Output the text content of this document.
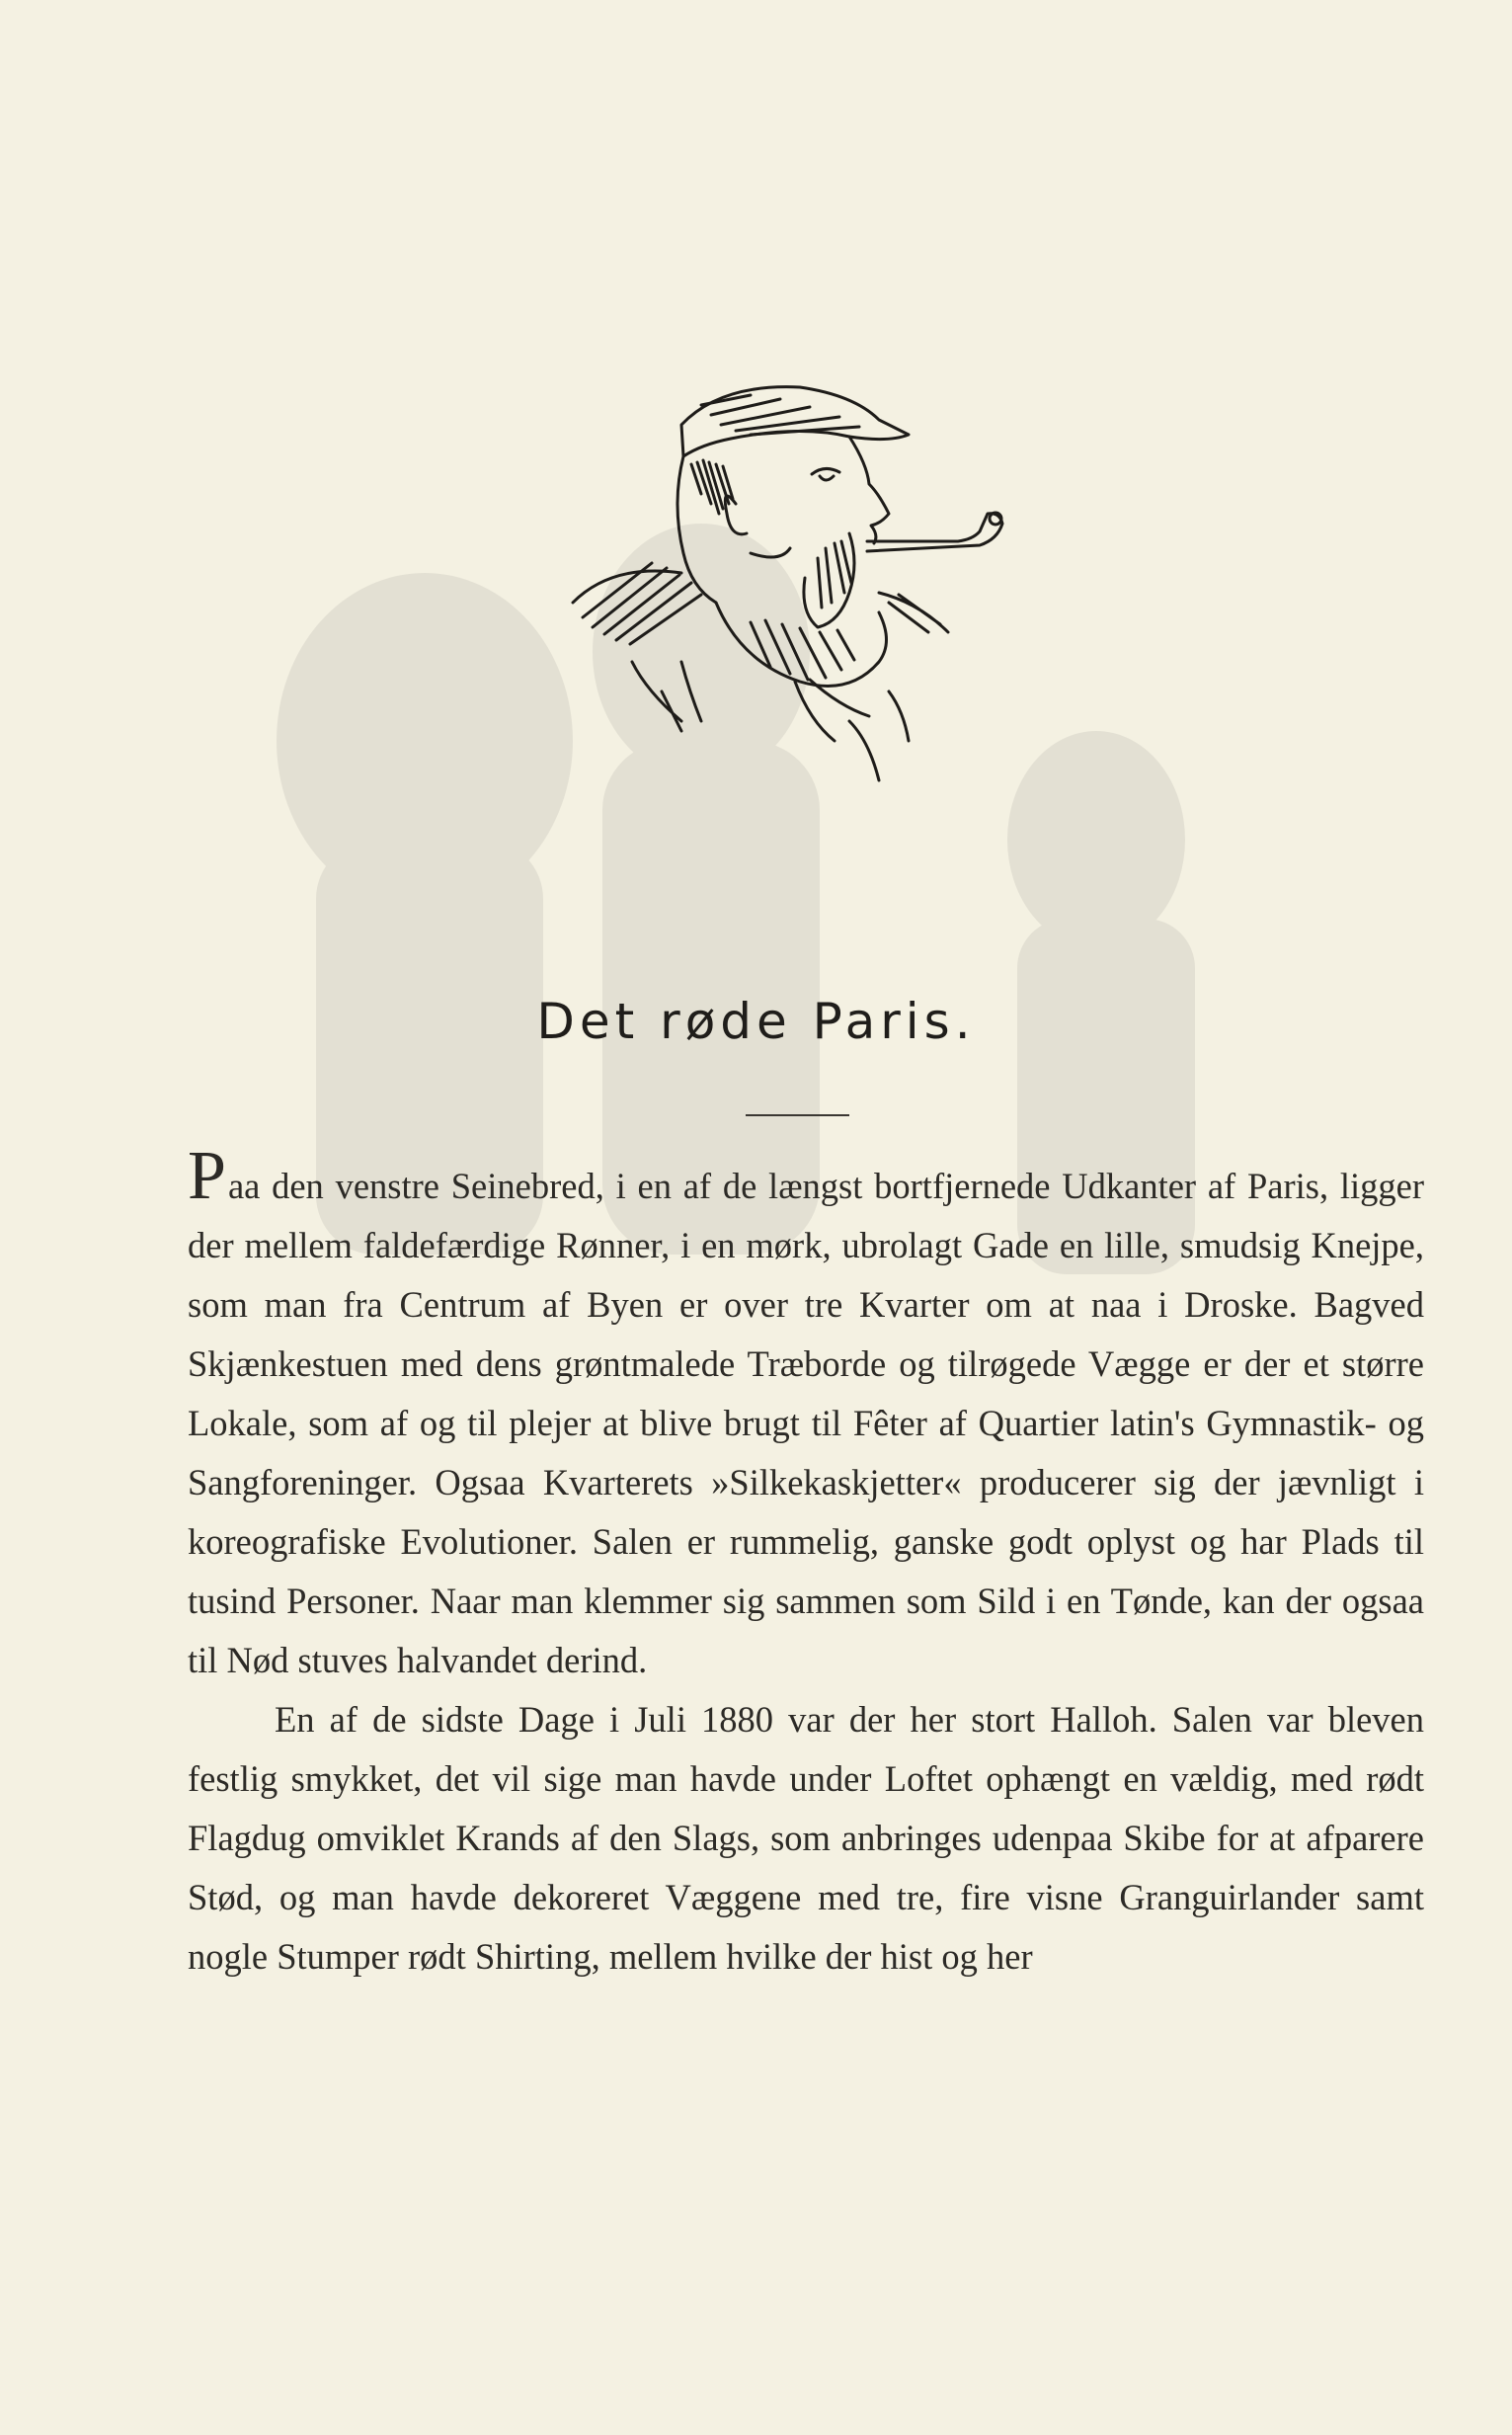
Det røde Paris.

Paa den venstre Seinebred, i en af de længst bortfjernede Udkanter af Paris, ligger der mellem faldefærdige Rønner, i en mørk, ubrolagt Gade en lille, smudsig Knejpe, som man fra Centrum af Byen er over tre Kvarter om at naa i Droske. Bagved Skjænkestuen med dens grøntmalede Træborde og tilrøgede Vægge er der et større Lokale, som af og til plejer at blive brugt til Fêter af Quartier latin's Gymnastik- og Sangforeninger. Ogsaa Kvarterets »Silkekaskjetter« producerer sig der jævnligt i koreografiske Evolutioner. Salen er rummelig, ganske godt oplyst og har Plads til tusind Personer. Naar man klemmer sig sammen som Sild i en Tønde, kan der ogsaa til Nød stuves halvandet derind.

En af de sidste Dage i Juli 1880 var der her stort Halloh. Salen var bleven festlig smykket, det vil sige man havde under Loftet ophængt en vældig, med rødt Flagdug omviklet Krands af den Slags, som anbringes udenpaa Skibe for at afparere Stød, og man havde dekoreret Væggene med tre, fire visne Granguirlander samt nogle Stumper rødt Shirting, mellem hvilke der hist og her
